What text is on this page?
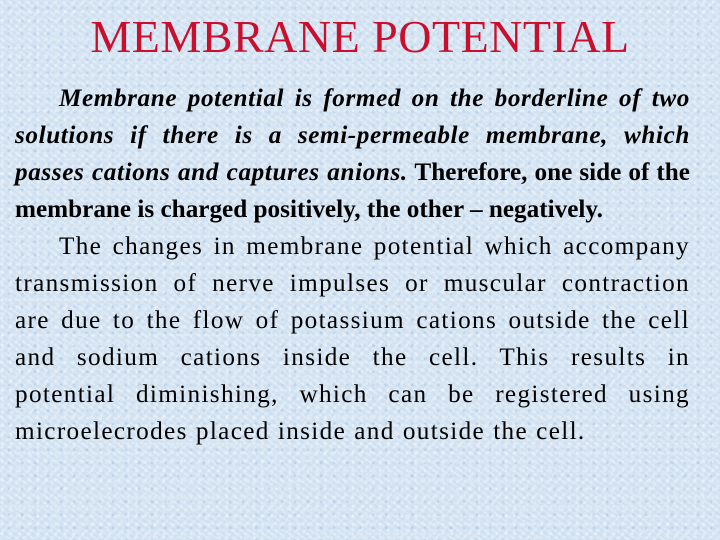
MEMBRANE POTENTIAL

Membrane potential is formed on the borderline of two solutions if there is a semi-permeable membrane, which passes cations and captures anions. Therefore, one side of the membrane is charged positively, the other – negatively.

The changes in membrane potential which accompany transmission of nerve impulses or muscular contraction are due to the flow of potassium cations outside the cell and sodium cations inside the cell. This results in potential diminishing, which can be registered using microelecrodes placed inside and outside the cell.
